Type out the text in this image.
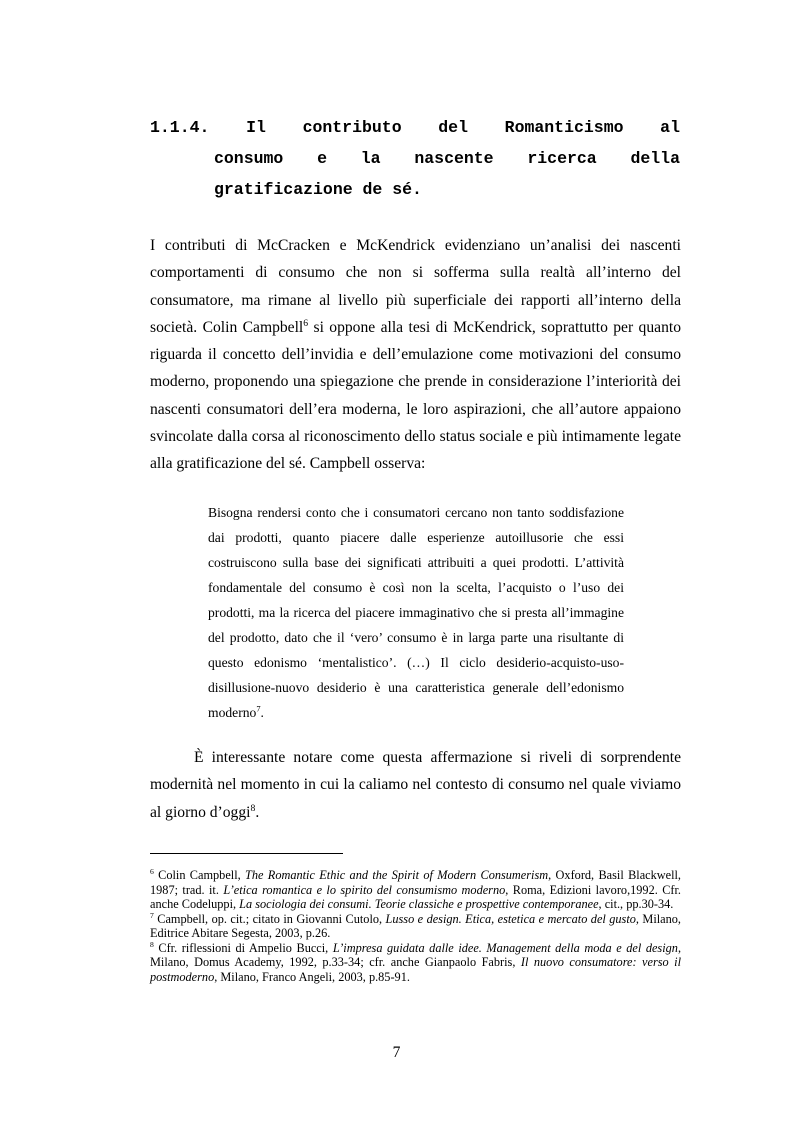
1.1.4. Il contributo del Romanticismo al
consumo e la nascente ricerca della
gratificazione de sé.

I contributi di McCracken e McKendrick evidenziano un’analisi dei nascenti comportamenti di consumo che non si sofferma sulla realtà all’interno del consumatore, ma rimane al livello più superficiale dei rapporti all’interno della società. Colin Campbell$^6$ si oppone alla tesi di McKendrick, soprattutto per quanto riguarda il concetto dell’invidia e dell’emulazione come motivazioni del consumo moderno, proponendo una spiegazione che prende in considerazione l’interiorità dei nascenti consumatori dell’era moderna, le loro aspirazioni, che all’autore appaiono svincolate dalla corsa al riconoscimento dello status sociale e più intimamente legate alla gratificazione del sé. Campbell osserva:

Bisogna rendersi conto che i consumatori cercano non tanto soddisfazione dai prodotti, quanto piacere dalle esperienze autoillusorie che essi costruiscono sulla base dei significati attribuiti a quei prodotti. L’attività fondamentale del consumo è così non la scelta, l’acquisto o l’uso dei prodotti, ma la ricerca del piacere immaginativo che si presta all’immagine del prodotto, dato che il ‘vero’ consumo è in larga parte una risultante di questo edonismo ‘mentalistico’. (…) Il ciclo desiderio-acquisto-uso-disillusione-nuovo desiderio è una caratteristica generale dell’edonismo moderno$^7$.

È interessante notare come questa affermazione si riveli di sorprendente modernità nel momento in cui la caliamo nel contesto di consumo nel quale viviamo al giorno d’oggi$^8$.

$^6$ Colin Campbell, The Romantic Ethic and the Spirit of Modern Consumerism, Oxford, Basil Blackwell, 1987; trad. it. L’etica romantica e lo spirito del consumismo moderno, Roma, Edizioni lavoro,1992. Cfr. anche Codeluppi, La sociologia dei consumi. Teorie classiche e prospettive contemporanee, cit., pp.30-34.

$^7$ Campbell, op. cit.; citato in Giovanni Cutolo, Lusso e design. Etica, estetica e mercato del gusto, Milano, Editrice Abitare Segesta, 2003, p.26.

$^8$ Cfr. riflessioni di Ampelio Bucci, L’impresa guidata dalle idee. Management della moda e del design, Milano, Domus Academy, 1992, p.33-34; cfr. anche Gianpaolo Fabris, Il nuovo consumatore: verso il postmoderno, Milano, Franco Angeli, 2003, p.85-91.

7
